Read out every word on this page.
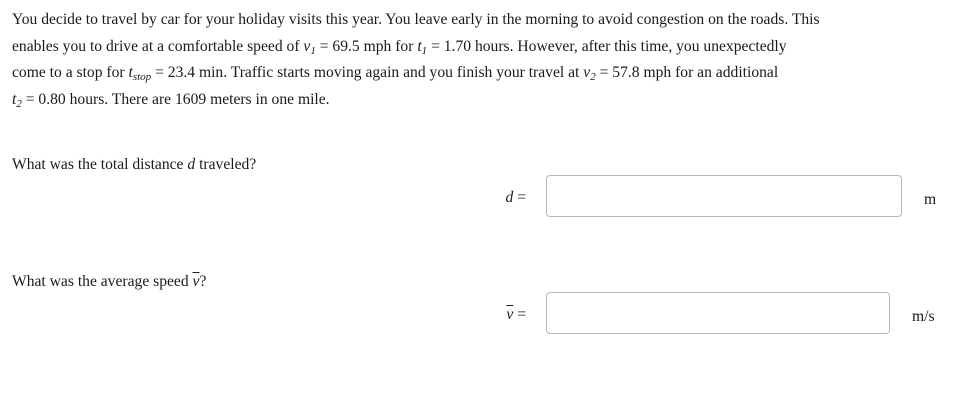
You decide to travel by car for your holiday visits this year. You leave early in the morning to avoid congestion on the roads. This
enables you to drive at a comfortable speed of $v_1 = 69.5$ mph for $t_1 = 1.70$ hours. However, after this time, you unexpectedly
come to a stop for $t_{stop} = 23.4$ min. Traffic starts moving again and you finish your travel at $v_2 = 57.8$ mph for an additional
$t_2 = 0.80$ hours. There are 1609 meters in one mile.
What was the total distance d traveled?
d =	m
What was the average speed $\overline{v}$?
$\overline{v}$ =	m/s
